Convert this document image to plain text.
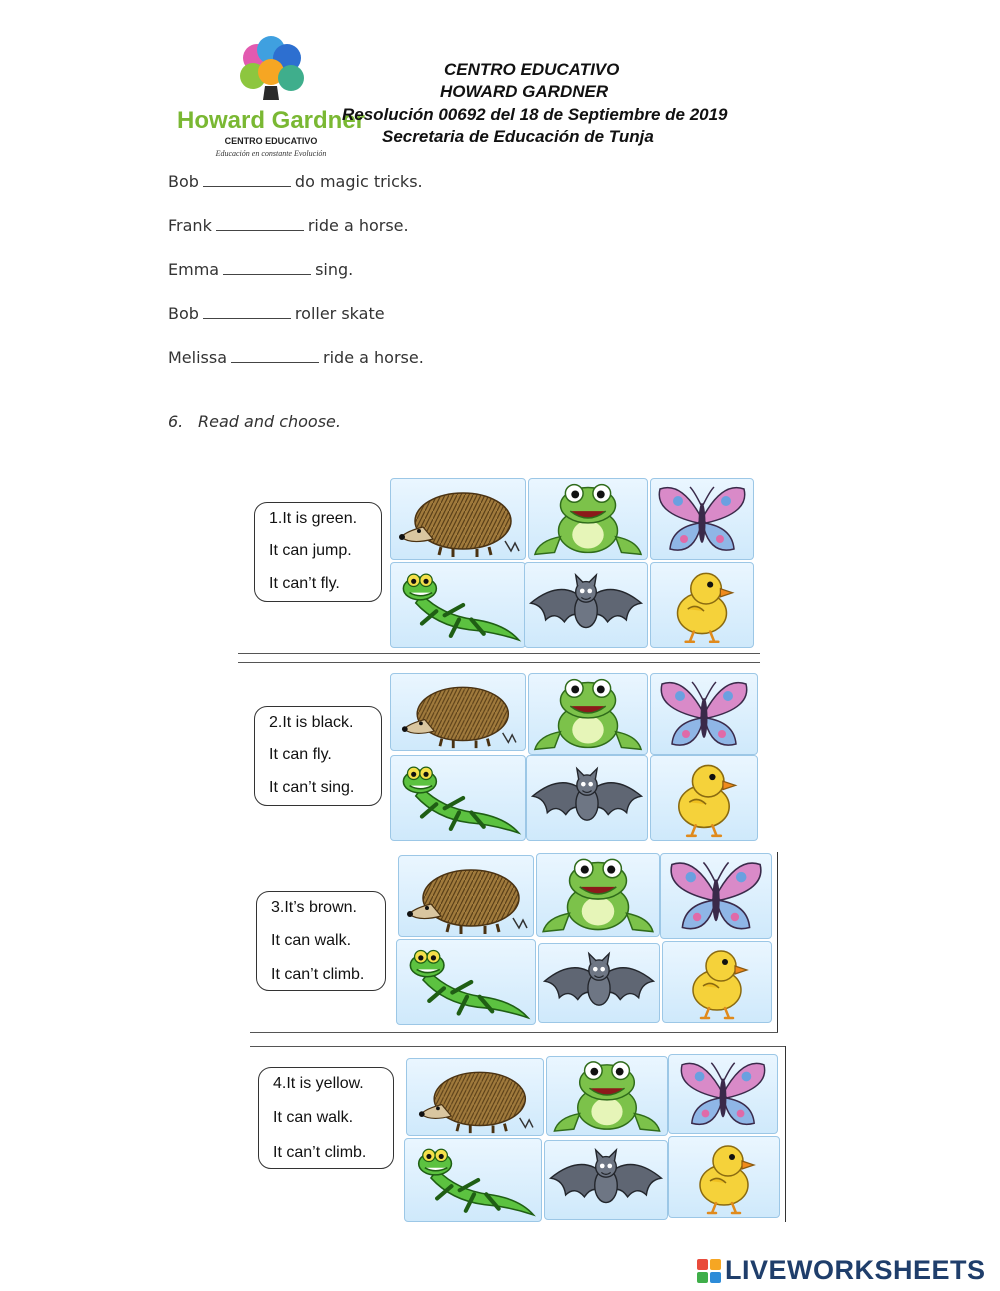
Howard Gardner
CENTRO EDUCATIVO
Educación en constante Evolución
CENTRO EDUCATIVO
HOWARD GARDNER
Resolución 00692 del 18 de Septiembre de 2019
Secretaria de Educación de Tunja
Bob	do magic tricks.
Frank	ride a horse.
Emma	sing.
Bob	roller skate
Melissa	ride a horse.
6. Read and choose.
1.It is green.
It can jump.
It can’t fly.
2.It is black.
It can fly.
It can’t sing.
3.It’s brown.
It can walk.
It can’t climb.
4.It is yellow.
It can walk.
It can’t climb.
LIVEWORKSHEETS
